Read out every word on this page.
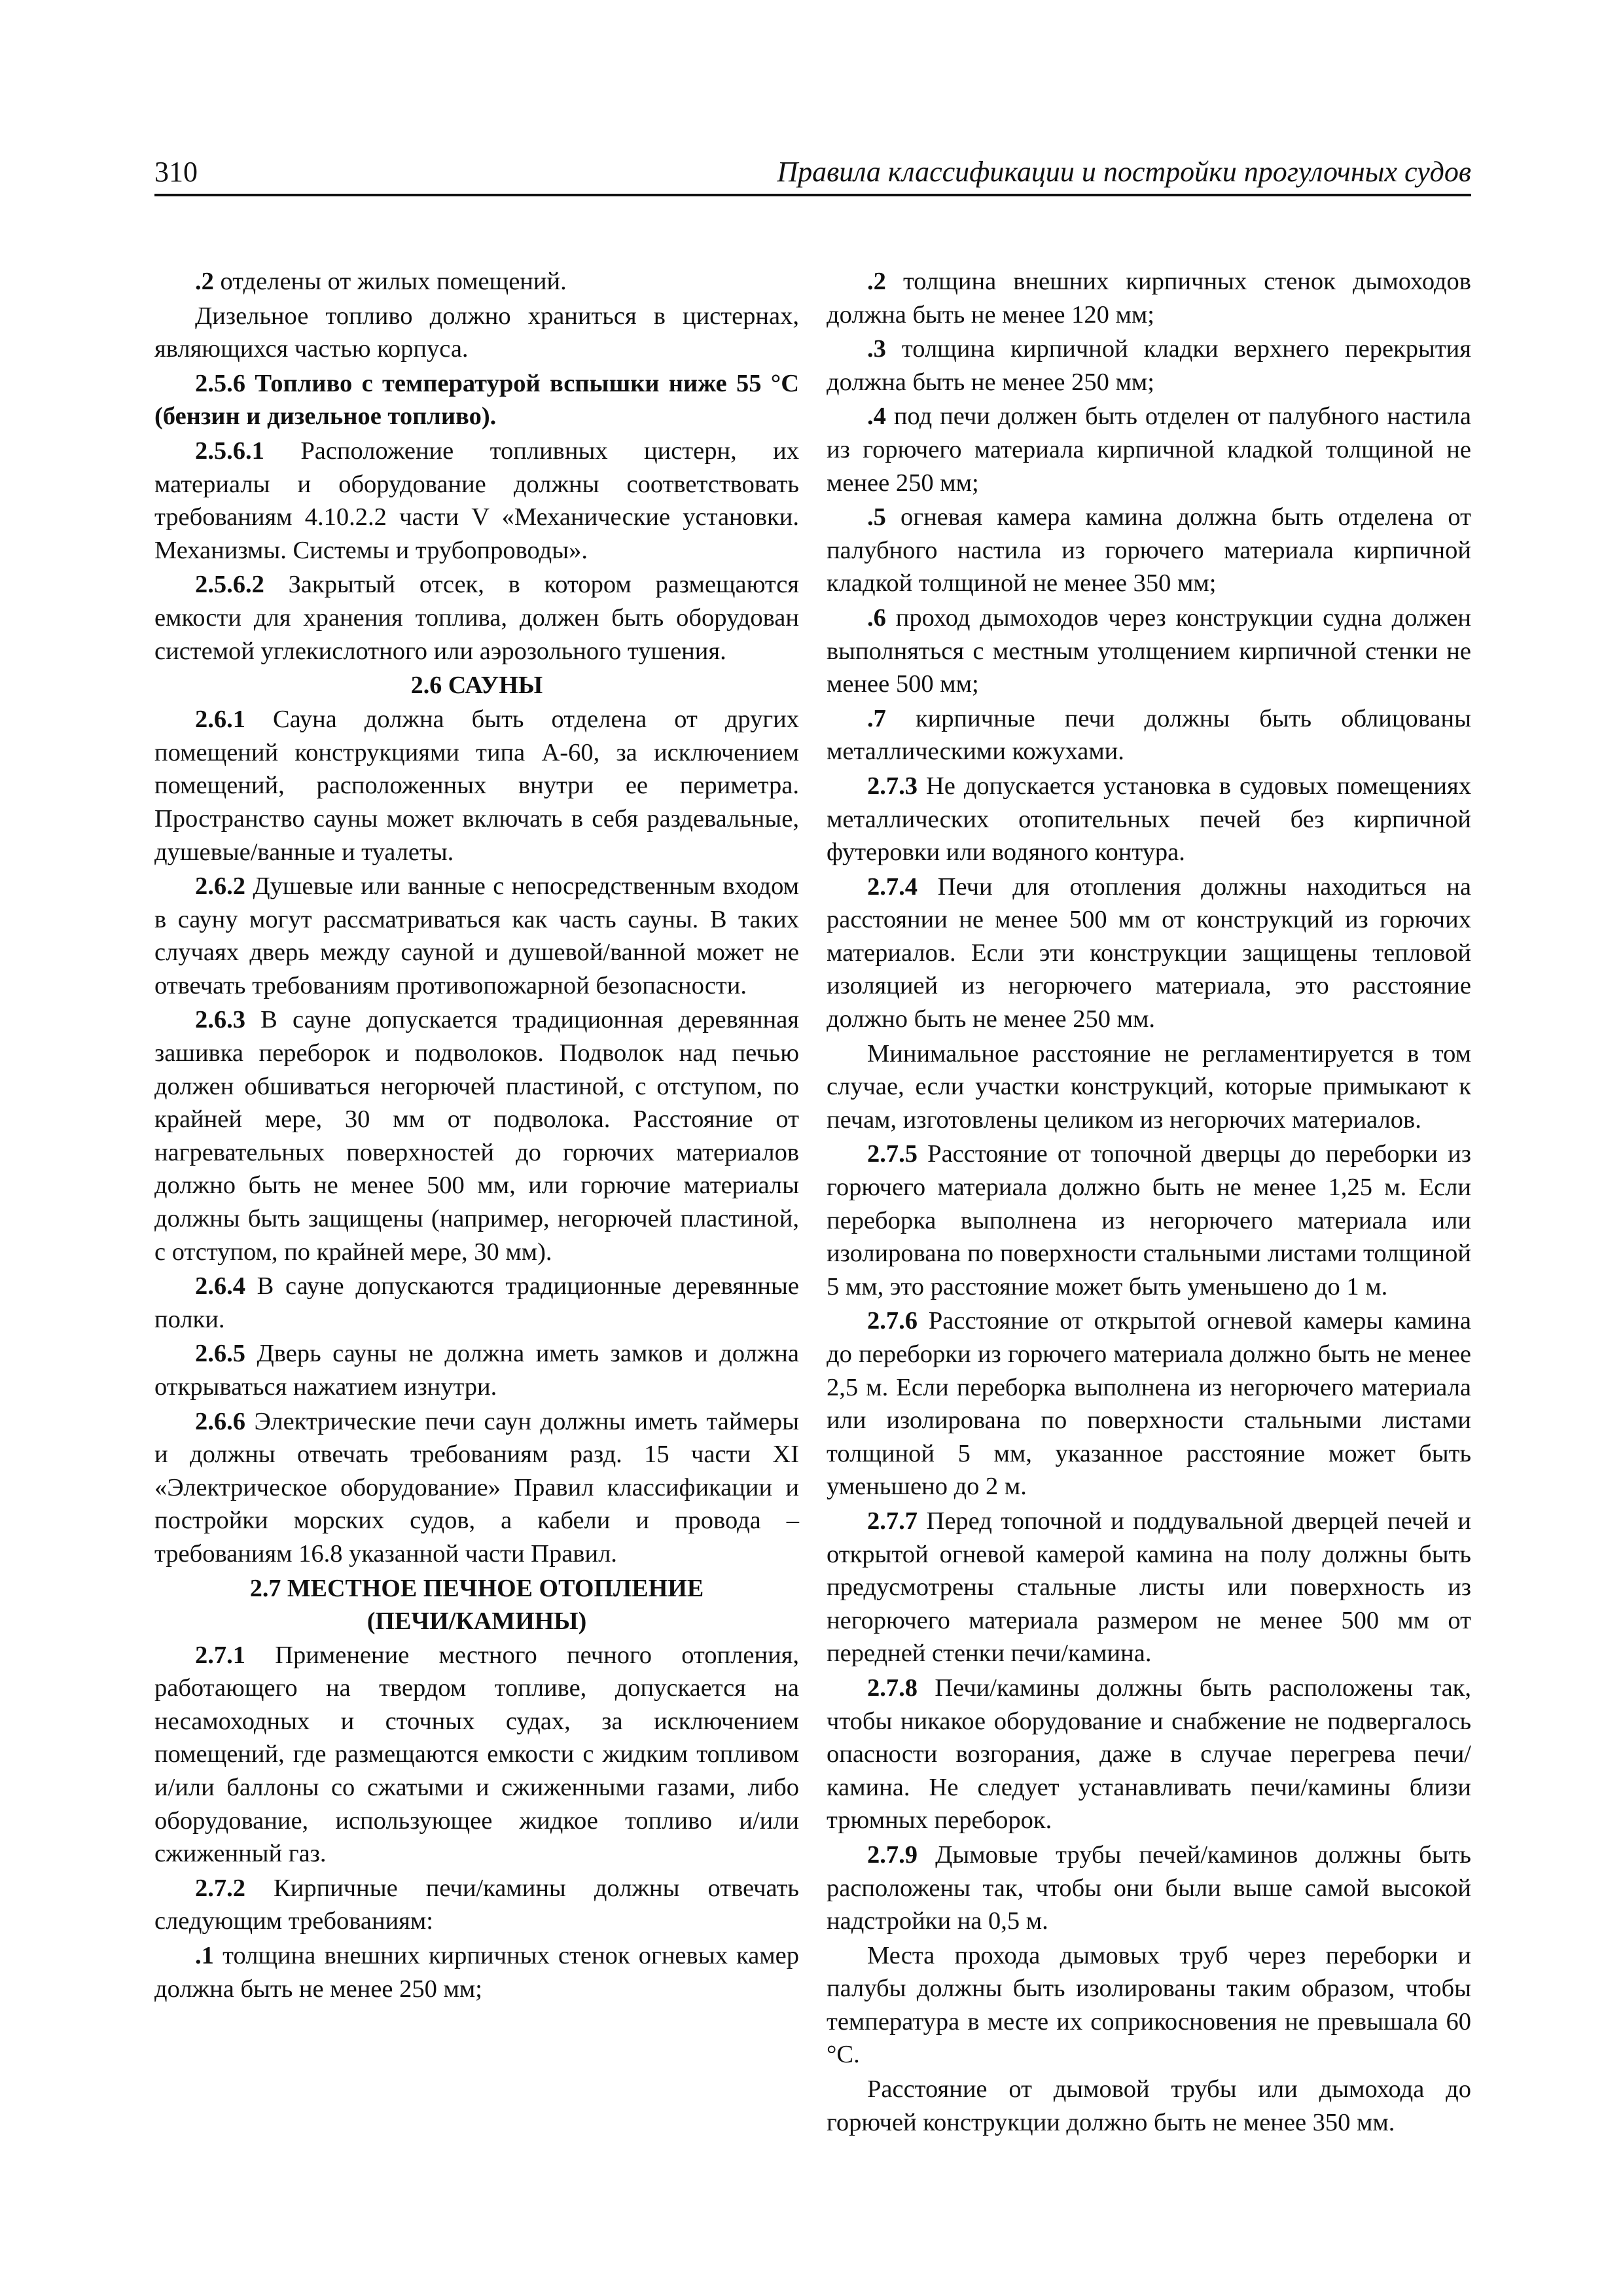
310	Правила классификации и постройки прогулочных судов

.2 отделены от жилых помещений.

Дизельное топливо должно храниться в цистернах, являющихся частью корпуса.

2.5.6 Топливо с температурой вспышки ниже 55 °С (бензин и дизельное топливо).

2.5.6.1 Расположение топливных цистерн, их материалы и оборудование должны соответствовать требованиям 4.10.2.2 части V «Механические установки. Механизмы. Системы и трубопроводы».

2.5.6.2 Закрытый отсек, в котором размещаются емкости для хранения топлива, должен быть оборудован системой углекислотного или аэрозольного тушения.

2.6 САУНЫ

2.6.1 Сауна должна быть отделена от других помещений конструкциями типа А-60, за исключением помещений, расположенных внутри ее периметра. Пространство сауны может включать в себя раздевальные, душевые/ванные и туалеты.

2.6.2 Душевые или ванные с непосредственным входом в сауну могут рассматриваться как часть сауны. В таких случаях дверь между сауной и душевой/ванной может не отвечать требованиям противопожарной безопасности.

2.6.3 В сауне допускается традиционная деревянная зашивка переборок и подволоков. Подволок над печью должен обшиваться негорючей пластиной, с отступом, по крайней мере, 30 мм от подволока. Расстояние от нагревательных поверхностей до горючих материалов должно быть не менее 500 мм, или горючие материалы должны быть защищены (например, негорючей пластиной, с отступом, по крайней мере, 30 мм).

2.6.4 В сауне допускаются традиционные деревянные полки.

2.6.5 Дверь сауны не должна иметь замков и должна открываться нажатием изнутри.

2.6.6 Электрические печи саун должны иметь таймеры и должны отвечать требованиям разд. 15 части XI «Электрическое оборудование» Правил классификации и постройки морских судов, а кабели и провода – требованиям 16.8 указанной части Правил.

2.7 МЕСТНОЕ ПЕЧНОЕ ОТОПЛЕНИЕ
(ПЕЧИ/КАМИНЫ)

2.7.1 Применение местного печного отопления, работающего на твердом топливе, допускается на несамоходных и сточных судах, за исключением помещений, где размещаются емкости с жидким топливом и/или баллоны со сжатыми и сжиженными газами, либо оборудование, использующее жидкое топливо и/или сжиженный газ.

2.7.2 Кирпичные печи/камины должны отвечать следующим требованиям:

.1 толщина внешних кирпичных стенок огневых камер должна быть не менее 250 мм;

.2 толщина внешних кирпичных стенок дымоходов должна быть не менее 120 мм;

.3 толщина кирпичной кладки верхнего перекрытия должна быть не менее 250 мм;

.4 под печи должен быть отделен от палубного настила из горючего материала кирпичной кладкой толщиной не менее 250 мм;

.5 огневая камера камина должна быть отделена от палубного настила из горючего материала кирпичной кладкой толщиной не менее 350 мм;

.6 проход дымоходов через конструкции судна должен выполняться с местным утолщением кирпичной стенки не менее 500 мм;

.7 кирпичные печи должны быть облицованы металлическими кожухами.

2.7.3 Не допускается установка в судовых помещениях металлических отопительных печей без кирпичной футеровки или водяного контура.

2.7.4 Печи для отопления должны находиться на расстоянии не менее 500 мм от конструкций из горючих материалов. Если эти конструкции защищены тепловой изоляцией из негорючего материала, это расстояние должно быть не менее 250 мм.

Минимальное расстояние не регламентируется в том случае, если участки конструкций, которые примыкают к печам, изготовлены целиком из негорючих материалов.

2.7.5 Расстояние от топочной дверцы до переборки из горючего материала должно быть не менее 1,25 м. Если переборка выполнена из негорючего материала или изолирована по поверхности стальными листами толщиной 5 мм, это расстояние может быть уменьшено до 1 м.

2.7.6 Расстояние от открытой огневой камеры камина до переборки из горючего материала должно быть не менее 2,5 м. Если переборка выполнена из негорючего материала или изолирована по поверхности стальными листами толщиной 5 мм, указанное расстояние может быть уменьшено до 2 м.

2.7.7 Перед топочной и поддувальной дверцей печей и открытой огневой камерой камина на полу должны быть предусмотрены стальные листы или поверхность из негорючего материала размером не менее 500 мм от передней стенки печи/камина.

2.7.8 Печи/камины должны быть расположены так, чтобы никакое оборудование и снабжение не подвергалось опасности возгорания, даже в случае перегрева печи/камина. Не следует устанавливать печи/камины близи трюмных переборок.

2.7.9 Дымовые трубы печей/каминов должны быть расположены так, чтобы они были выше самой высокой надстройки на 0,5 м.

Места прохода дымовых труб через переборки и палубы должны быть изолированы таким образом, чтобы температура в месте их соприкосновения не превышала 60 °С.

Расстояние от дымовой трубы или дымохода до горючей конструкции должно быть не менее 350 мм.
